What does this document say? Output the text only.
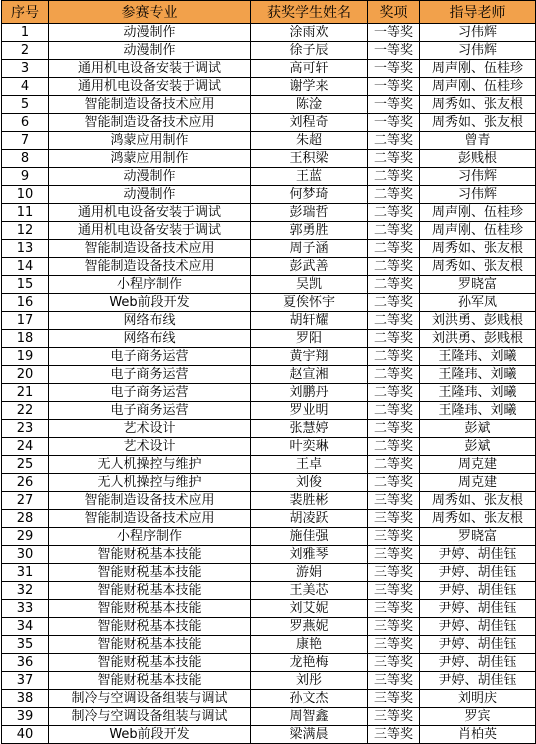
序号	参赛专业	获奖学生姓名	奖项	指导老师
1	动漫制作	涂雨欢	一等奖	习伟辉
2	动漫制作	徐子辰	一等奖	习伟辉
3	通用机电设备安装于调试	高可轩	一等奖	周声刚、伍桂珍
4	通用机电设备安装于调试	谢学来	一等奖	周声刚、伍桂珍
5	智能制造设备技术应用	陈淦	一等奖	周秀如、张友根
6	智能制造设备技术应用	刘程奇	一等奖	周秀如、张友根
7	鸿蒙应用制作	朱超	二等奖	曾青
8	鸿蒙应用制作	王积梁	二等奖	彭贱根
9	动漫制作	王蓝	二等奖	习伟辉
10	动漫制作	何梦琦	二等奖	习伟辉
11	通用机电设备安装于调试	彭瑞哲	二等奖	周声刚、伍桂珍
12	通用机电设备安装于调试	郭勇胜	二等奖	周声刚、伍桂珍
13	智能制造设备技术应用	周子涵	二等奖	周秀如、张友根
14	智能制造设备技术应用	彭武善	二等奖	周秀如、张友根
15	小程序制作	吴凯	二等奖	罗晓富
16	Web前段开发	夏俟怀宇	二等奖	孙军凤
17	网络布线	胡轩耀	二等奖	刘洪勇、彭贱根
18	网络布线	罗阳	二等奖	刘洪勇、彭贱根
19	电子商务运营	黄宇翔	二等奖	王隆玮、刘曦
20	电子商务运营	赵宣湘	二等奖	王隆玮、刘曦
21	电子商务运营	刘鹏丹	二等奖	王隆玮、刘曦
22	电子商务运营	罗业明	二等奖	王隆玮、刘曦
23	艺术设计	张慧婷	二等奖	彭斌
24	艺术设计	叶奕琳	二等奖	彭斌
25	无人机操控与维护	王卓	二等奖	周克建
26	无人机操控与维护	刘俊	二等奖	周克建
27	智能制造设备技术应用	裴胜彬	三等奖	周秀如、张友根
28	智能制造设备技术应用	胡凌跃	三等奖	周秀如、张友根
29	小程序制作	施佳强	三等奖	罗晓富
30	智能财税基本技能	刘雅琴	三等奖	尹婷、胡佳钰
31	智能财税基本技能	游娟	三等奖	尹婷、胡佳钰
32	智能财税基本技能	王美芯	三等奖	尹婷、胡佳钰
33	智能财税基本技能	刘艾妮	三等奖	尹婷、胡佳钰
34	智能财税基本技能	罗燕妮	三等奖	尹婷、胡佳钰
35	智能财税基本技能	康艳	三等奖	尹婷、胡佳钰
36	智能财税基本技能	龙艳梅	三等奖	尹婷、胡佳钰
37	智能财税基本技能	刘彤	三等奖	尹婷、胡佳钰
38	制冷与空调设备组装与调试	孙文杰	三等奖	刘明庆
39	制冷与空调设备组装与调试	周智鑫	三等奖	罗宾
40	Web前段开发	梁满晨	三等奖	肖柏英
